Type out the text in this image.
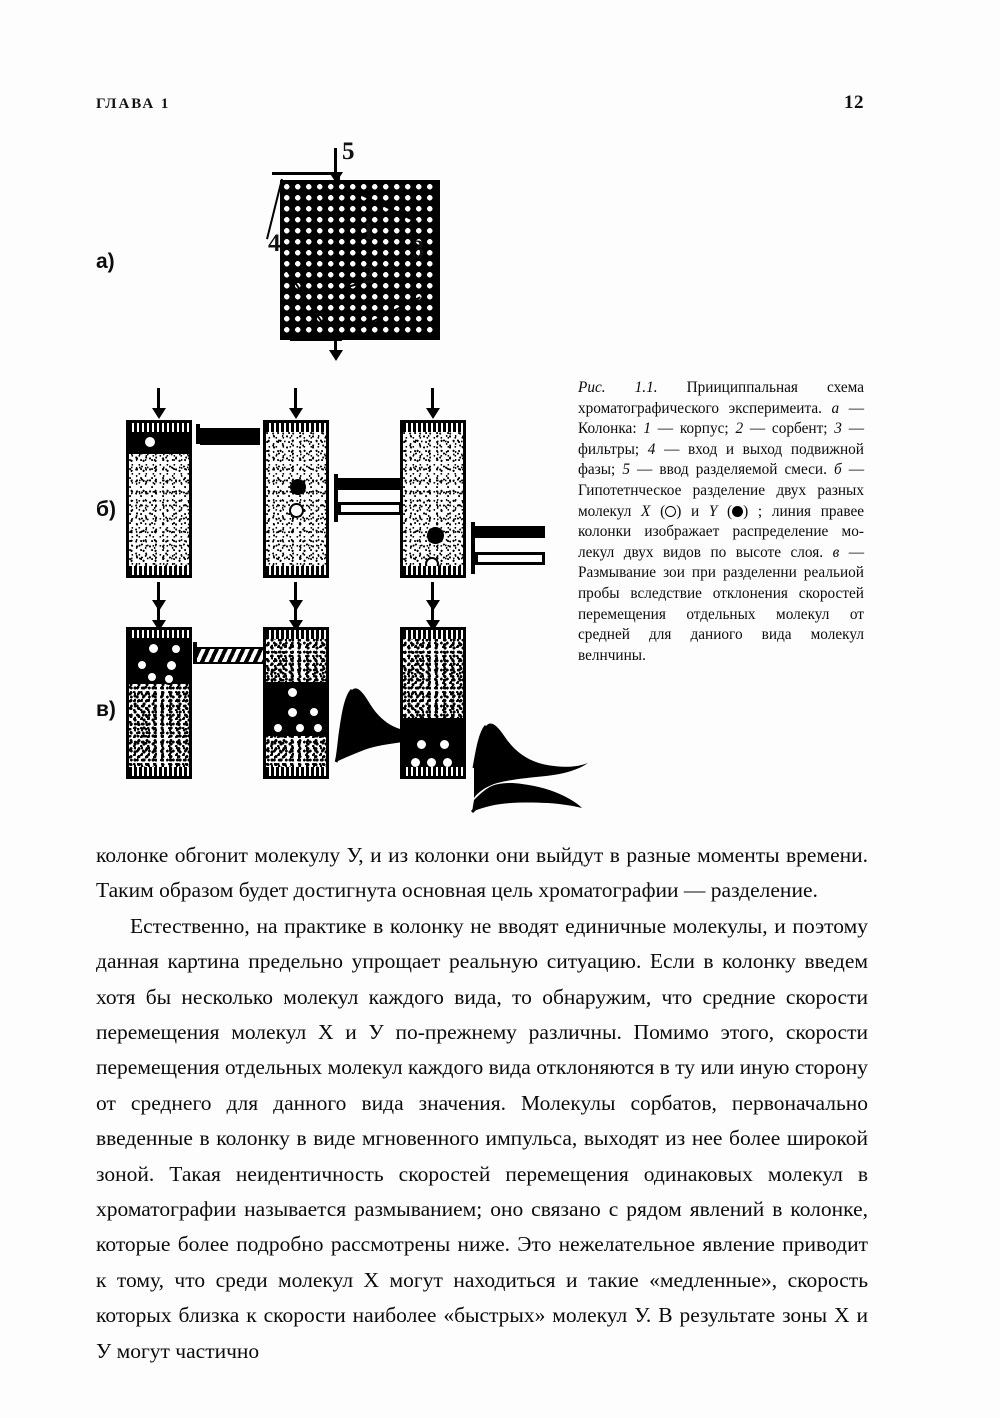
ГЛАВА 1	12
а)
5
1
2
3
4
б)
в)
Рис. 1.1. Приициппальная схема хроматографического эксперимеита. а — Колонка: 1 — корпус; 2 — сорбент; 3 — фильтры; 4 — вход и выход подвижной фазы; 5 — ввод разделяемой смеси. б — Гипотетнческое разделение двух разных молекул X ( ) и Y ( ) ; линия правее колонки изображает распределение молекул двух видов по высоте слоя. в — Размывание зои при разделенни реальиой пробы вследствие отклонения скоростей перемещения отдельных молекул от средней для даниого вида молекул велнчины.

колонке обгонит молекулу У, и из колонки они выйдут в разные моменты времени. Таким образом будет достигнута основная цель хроматографии — разделение.

Естественно, на практике в колонку не вводят единичные молекулы, и поэтому данная картина предельно упрощает реальную ситуацию. Если в колонку введем хотя бы несколько молекул каждого вида, то обнаружим, что средние скорости перемещения молекул X и У по-прежнему различны. Помимо этого, скорости перемещения отдельных молекул каждого вида отклоняются в ту или иную сторону от среднего для данного вида значения. Молекулы сорбатов, первоначально введенные в колонку в виде мгновенного импульса, выходят из нее более широкой зоной. Такая неидентичность скоростей перемещения одинаковых молекул в хроматографии называется размыванием; оно связано с рядом явлений в колонке, которые более подробно рассмотрены ниже. Это нежелательное явление приводит к тому, что среди молекул X могут находиться и такие «медленные», скорость которых близка к скорости наиболее «быстрых» молекул У. В результате зоны X и У могут частично
